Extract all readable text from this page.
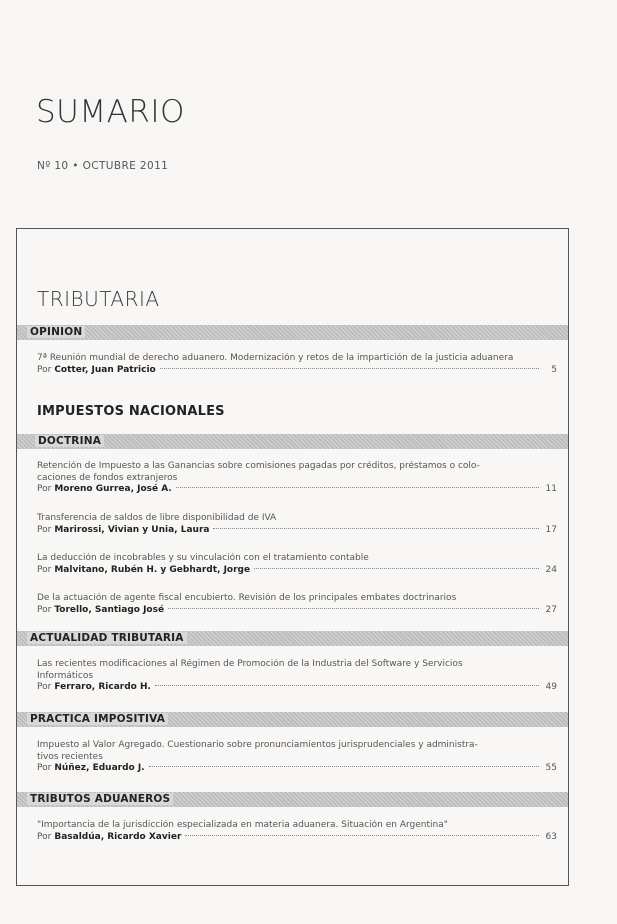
SUMARIO
Nº 10 • OCTUBRE 2011
TRIBUTARIA
OPINION
7ª Reunión mundial de derecho aduanero. Modernización y retos de la impartición de la justicia aduanera
Por Cotter, Juan Patricio	5
IMPUESTOS NACIONALES
DOCTRINA
Retención de Impuesto a las Ganancias sobre comisiones pagadas por créditos, préstamos o colo-
caciones de fondos extranjeros
Por Moreno Gurrea, José A.	11
Transferencia de saldos de libre disponibilidad de IVA
Por Marirossi, Vivian y Unia, Laura	17
La deducción de incobrables y su vinculación con el tratamiento contable
Por Malvitano, Rubén H. y Gebhardt, Jorge	24
De la actuación de agente fiscal encubierto. Revisión de los principales embates doctrinarios
Por Torello, Santiago José	27
ACTUALIDAD TRIBUTARIA
Las recientes modificaciones al Régimen de Promoción de la Industria del Software y Servicios
Informáticos
Por Ferraro, Ricardo H.	49
PRACTICA IMPOSITIVA
Impuesto al Valor Agregado. Cuestionario sobre pronunciamientos jurisprudenciales y administra-
tivos recientes
Por Núñez, Eduardo J.	55
TRIBUTOS ADUANEROS
"Importancia de la jurisdicción especializada en materia aduanera. Situación en Argentina"
Por Basaldúa, Ricardo Xavier	63
